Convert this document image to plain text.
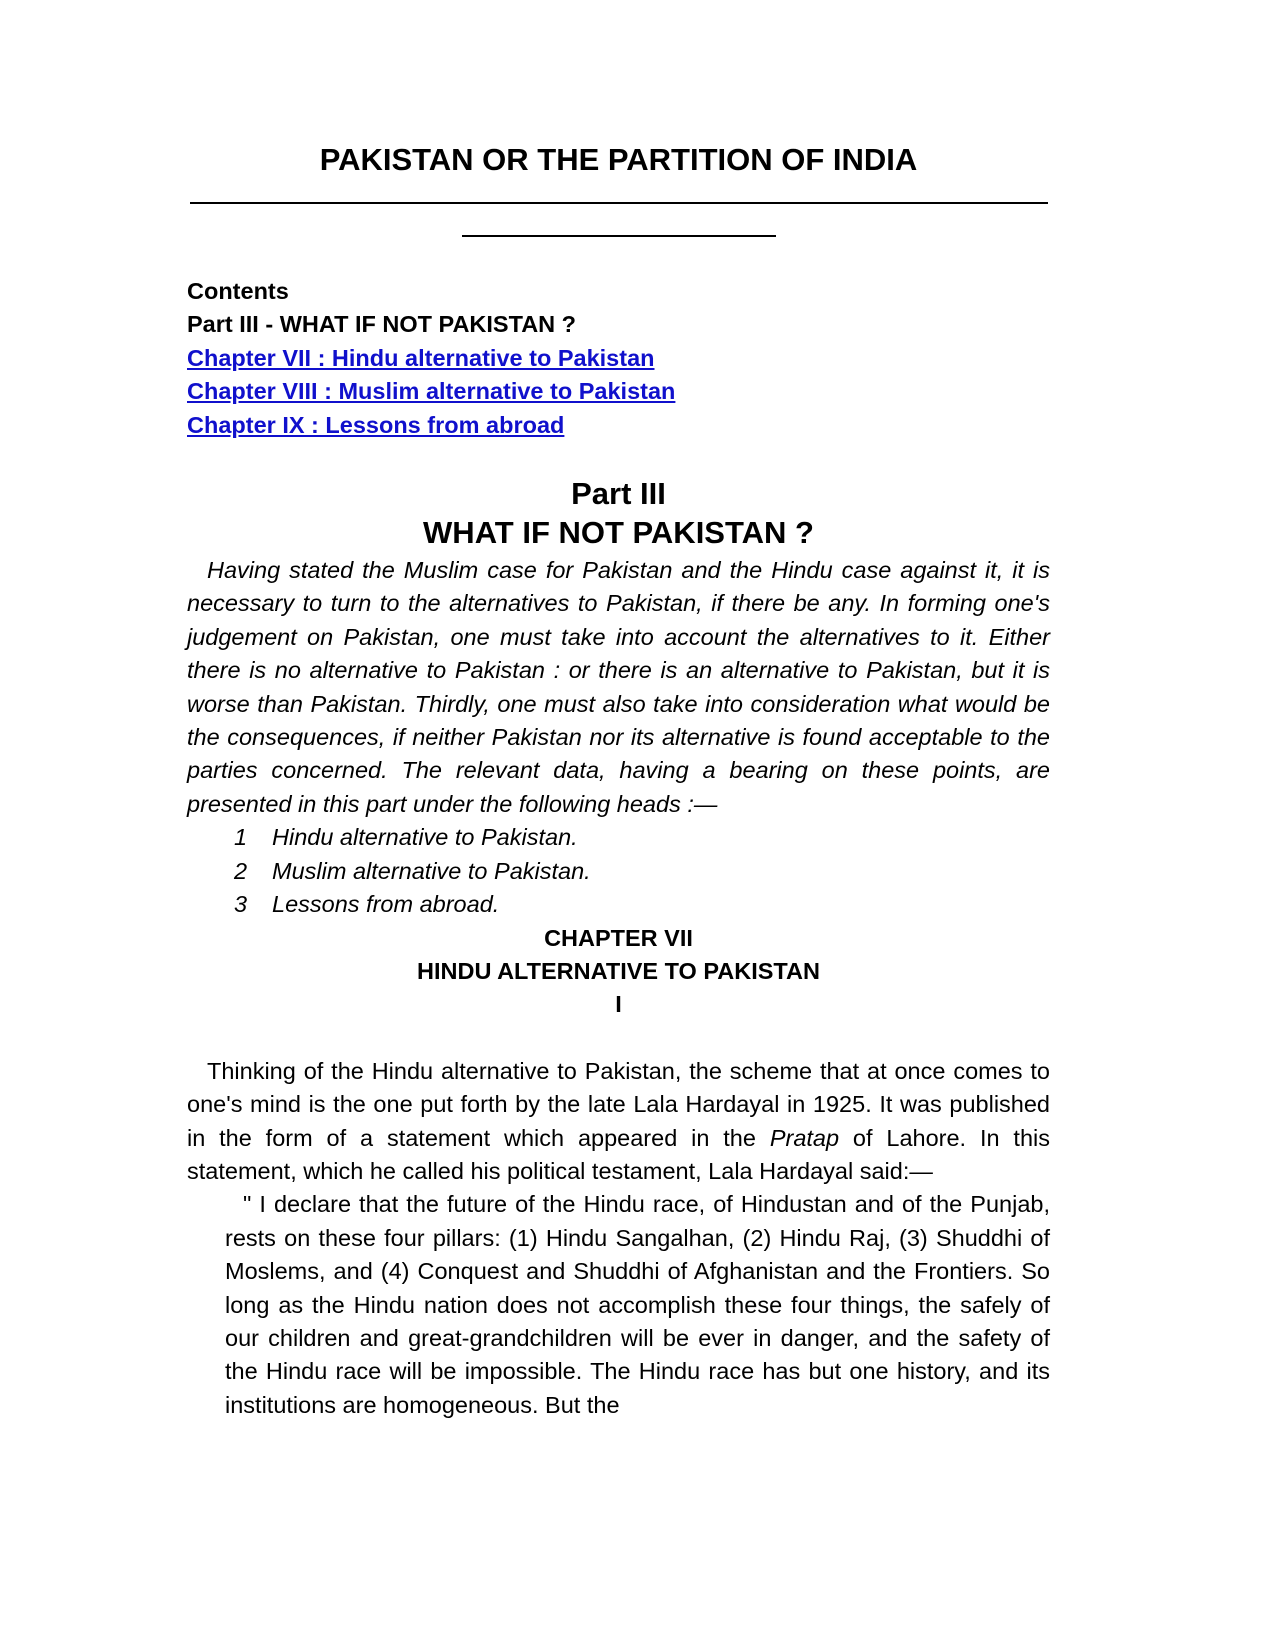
PAKISTAN OR THE PARTITION OF INDIA
Contents
Part III - WHAT IF NOT PAKISTAN ?
Chapter VII : Hindu alternative to Pakistan
Chapter VIII : Muslim alternative to Pakistan
Chapter IX : Lessons from abroad
Part III
WHAT IF NOT PAKISTAN ?

Having stated the Muslim case for Pakistan and the Hindu case against it, it is necessary to turn to the alternatives to Pakistan, if there be any. In forming one's judgement on Pakistan, one must take into account the alternatives to it. Either there is no alternative to Pakistan : or there is an alternative to Pakistan, but it is worse than Pakistan. Thirdly, one must also take into consideration what would be the consequences, if neither Pakistan nor its alternative is found acceptable to the parties concerned. The relevant data, having a bearing on these points, are presented in this part under the following heads :—

1	Hindu alternative to Pakistan.
2	Muslim alternative to Pakistan.
3	Lessons from abroad.
CHAPTER VII
HINDU ALTERNATIVE TO PAKISTAN
I

Thinking of the Hindu alternative to Pakistan, the scheme that at once comes to one's mind is the one put forth by the late Lala Hardayal in 1925. It was published in the form of a statement which appeared in the Pratap of Lahore. In this statement, which he called his political testament, Lala Hardayal said:—

" I declare that the future of the Hindu race, of Hindustan and of the Punjab, rests on these four pillars: (1) Hindu Sangalhan, (2) Hindu Raj, (3) Shuddhi of Moslems, and (4) Conquest and Shuddhi of Afghanistan and the Frontiers. So long as the Hindu nation does not accomplish these four things, the safely of our children and great-grandchildren will be ever in danger, and the safety of the Hindu race will be impossible. The Hindu race has but one history, and its institutions are homogeneous. But the
